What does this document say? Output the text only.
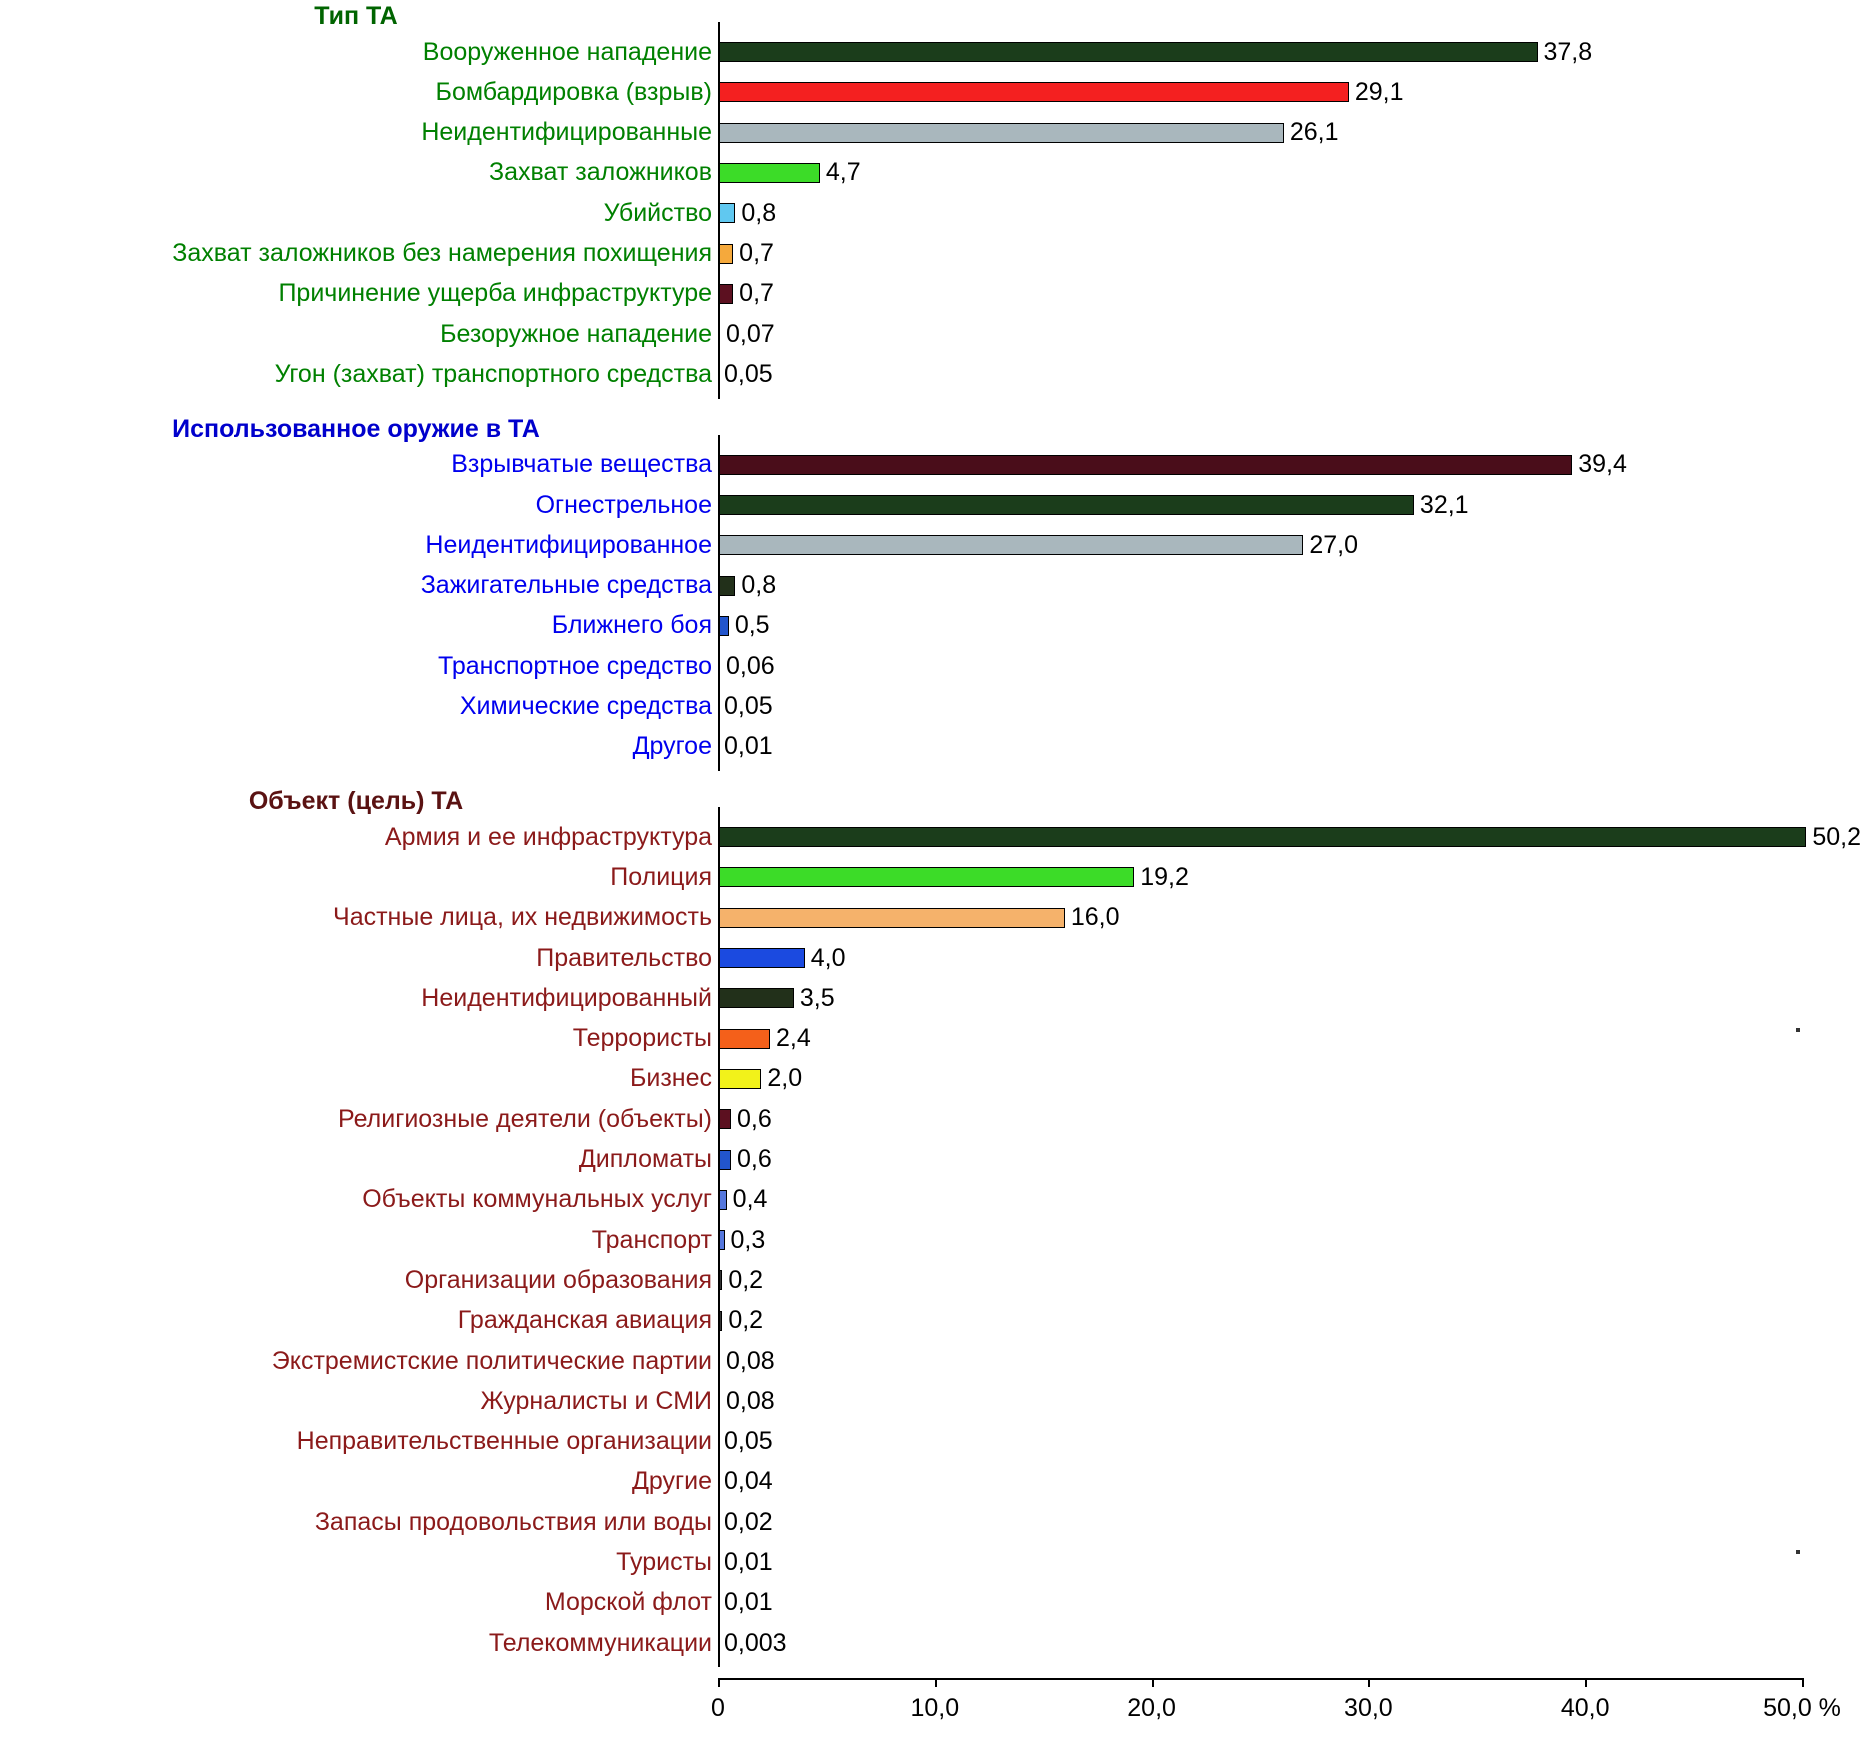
Тип ТА
Вооруженное нападение	37,8
Бомбардировка (взрыв)	29,1
Неидентифицированные	26,1
Захват заложников	4,7
Убийство 0,8
Захват заложников без намерения похищения 0,7
Причинение ущерба инфраструктуре 0,7
Безоружное нападение 0,07
Угон (захват) транспортного средства 0,05
Использованное оружие в ТА
Взрывчатые вещества	39,4
Огнестрельное	32,1
Неидентифицированное	27,0
Зажигательные средства 0,8
Ближнего боя 0,5
Транспортное средство 0,06
Химические средства 0,05
Другое 0,01
Объект (цель) ТА
Армия и ее инфраструктура	50,2
Полиция	19,2
Частные лица, их недвижимость	16,0
Правительство	4,0
Неидентифицированный	3,5
Террористы	2,4
Бизнес 2,0
Религиозные деятели (объекты) 0,6
Дипломаты 0,6
Объекты коммунальных услуг 0,4
Транспорт 0,3
Организации образования 0,2
Гражданская авиация 0,2
Экстремистские политические партии 0,08
Журналисты и СМИ 0,08
Неправительственные организации 0,05
Другие 0,04
Запасы продовольствия или воды 0,02
Туристы 0,01
Морской флот 0,01
Телекоммуникации 0,003
0	10,0	20,0	30,0	40,0	50,0 %
